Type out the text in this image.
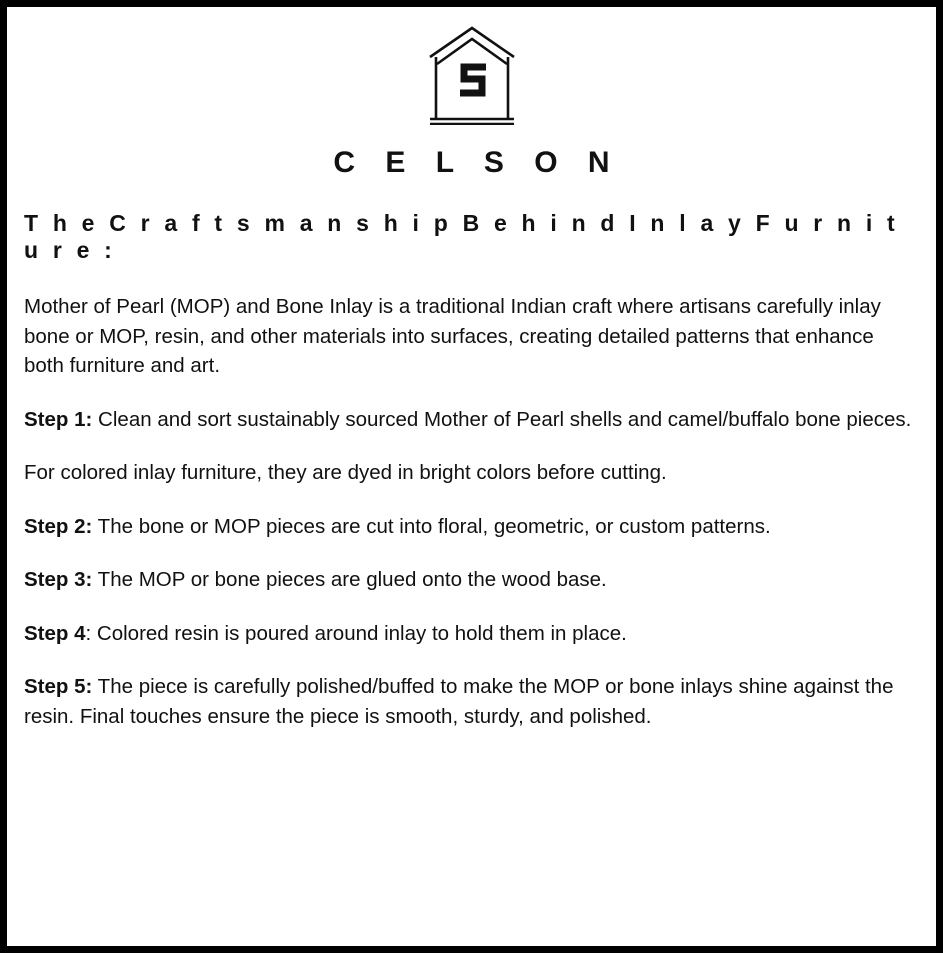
C E L S O N
T h e C r a f t s m a n s h i p B e h i n d I n l a y F u r n i t u r e :

Mother of Pearl (MOP) and Bone Inlay is a traditional Indian craft where artisans carefully inlay bone or MOP, resin, and other materials into surfaces, creating detailed patterns that enhance both furniture and art.

Step 1: Clean and sort sustainably sourced Mother of Pearl shells and camel/buffalo bone pieces.

For colored inlay furniture, they are dyed in bright colors before cutting.

Step 2: The bone or MOP pieces are cut into floral, geometric, or custom patterns.

Step 3: The MOP or bone pieces are glued onto the wood base.

Step 4: Colored resin is poured around inlay to hold them in place.

Step 5: The piece is carefully polished/buffed to make the MOP or bone inlays shine against the resin. Final touches ensure the piece is smooth, sturdy, and polished.
